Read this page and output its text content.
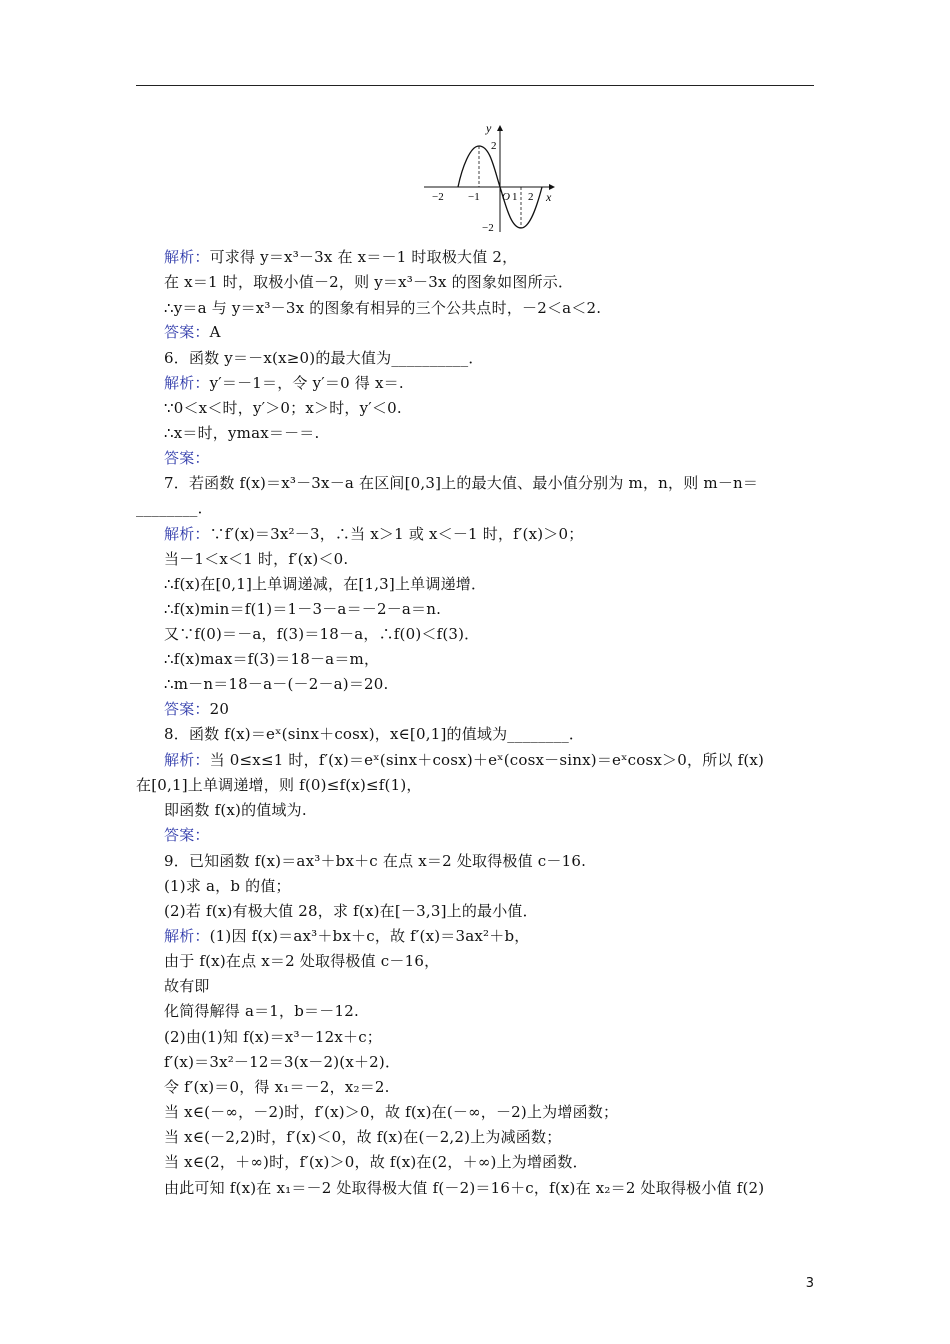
y
x
O
−2 −1	1 2
2
−2
解析：可求得 y＝x³－3x 在 x＝－1 时取极大值 2，
在 x＝1 时，取极小值－2，则 y＝x³－3x 的图象如图所示．
∴y＝a 与 y＝x³－3x 的图象有相异的三个公共点时，－2＜a＜2.
答案：A
6．函数 y＝－x(x≥0)的最大值为__________．
解析：y′＝－1＝，令 y′＝0 得 x＝.
∵0＜x＜时，y′＞0；x＞时，y′＜0.
∴x＝时，ymax＝－＝.
答案：
7．若函数 f(x)＝x³－3x－a 在区间[0,3]上的最大值、最小值分别为 m，n，则 m－n＝
________．
解析：∵f′(x)＝3x²－3，∴当 x＞1 或 x＜－1 时，f′(x)＞0；
当－1＜x＜1 时，f′(x)＜0.
∴f(x)在[0,1]上单调递减，在[1,3]上单调递增．
∴f(x)min＝f(1)＝1－3－a＝－2－a＝n.
又∵f(0)＝－a，f(3)＝18－a，∴f(0)＜f(3)．
∴f(x)max＝f(3)＝18－a＝m，
∴m－n＝18－a－(－2－a)＝20.
答案：20
8．函数 f(x)＝eˣ(sinx＋cosx)，x∈[0,1]的值域为________．
解析：当 0≤x≤1 时，f′(x)＝eˣ(sinx＋cosx)＋eˣ(cosx－sinx)＝eˣcosx＞0，所以 f(x)
在[0,1]上单调递增，则 f(0)≤f(x)≤f(1)，
即函数 f(x)的值域为.
答案：
9．已知函数 f(x)＝ax³＋bx＋c 在点 x＝2 处取得极值 c－16.
(1)求 a，b 的值；
(2)若 f(x)有极大值 28，求 f(x)在[－3,3]上的最小值．
解析：(1)因 f(x)＝ax³＋bx＋c，故 f′(x)＝3ax²＋b，
由于 f(x)在点 x＝2 处取得极值 c－16，
故有即
化简得解得 a＝1，b＝－12.
(2)由(1)知 f(x)＝x³－12x＋c；
f′(x)＝3x²－12＝3(x－2)(x＋2)．
令 f′(x)＝0，得 x₁＝－2，x₂＝2.
当 x∈(－∞，－2)时，f′(x)＞0，故 f(x)在(－∞，－2)上为增函数；
当 x∈(－2,2)时，f′(x)＜0，故 f(x)在(－2,2)上为减函数；
当 x∈(2，＋∞)时，f′(x)＞0，故 f(x)在(2，＋∞)上为增函数．
由此可知 f(x)在 x₁＝－2 处取得极大值 f(－2)＝16＋c，f(x)在 x₂＝2 处取得极小值 f(2)
3
